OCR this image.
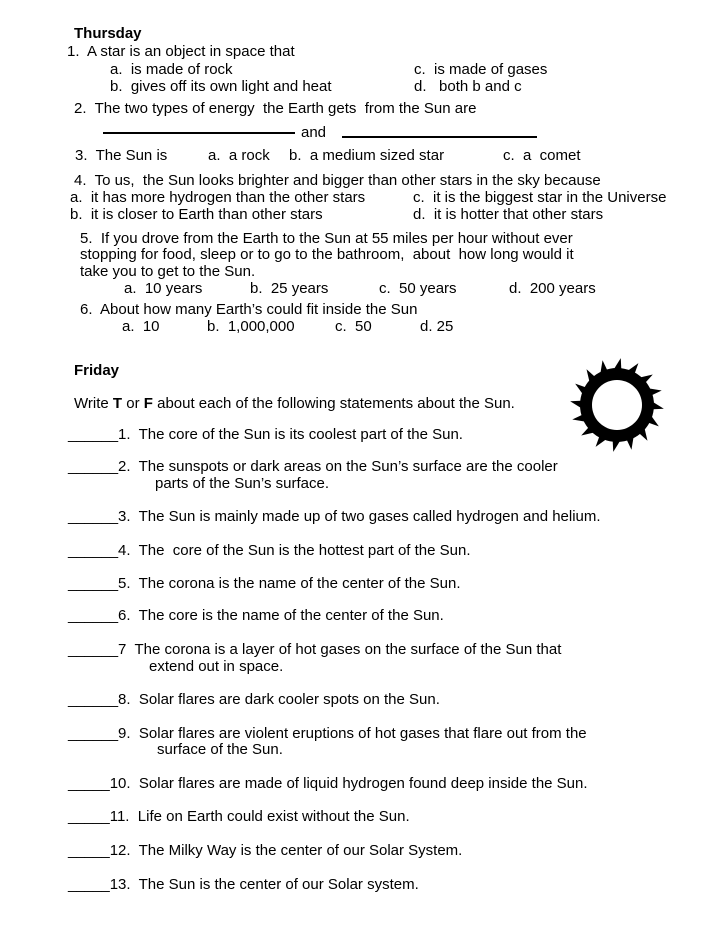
Thursday
1.  A star is an object in space that
a.  is made of rock	c.  is made of gases
b.  gives off its own light and heat	d.   both b and c
2.  The two types of energy  the Earth gets  from the Sun are
and
3.  The Sun is	a.  a rock b.  a medium sized star	c.  a  comet
4.  To us,  the Sun looks brighter and bigger than other stars in the sky because
a.  it has more hydrogen than the other stars	c.  it is the biggest star in the Universe
b.  it is closer to Earth than other stars	d.  it is hotter that other stars
5.  If you drove from the Earth to the Sun at 55 miles per hour without ever
stopping for food, sleep or to go to the bathroom,  about  how long would it
take you to get to the Sun.
a.  10 years	b.  25 years	c.  50 years	d.  200 years
6.  About how many Earth’s could fit inside the Sun
a.  10	b.  1,000,000	c.  50	d. 25
Friday
Write T or F about each of the following statements about the Sun.
______1.  The core of the Sun is its coolest part of the Sun.
______2.  The sunspots or dark areas on the Sun’s surface are the cooler
parts of the Sun’s surface.
______3.  The Sun is mainly made up of two gases called hydrogen and helium.
______4.  The  core of the Sun is the hottest part of the Sun.
______5.  The corona is the name of the center of the Sun.
______6.  The core is the name of the center of the Sun.
______7  The corona is a layer of hot gases on the surface of the Sun that
extend out in space.
______8.  Solar flares are dark cooler spots on the Sun.
______9.  Solar flares are violent eruptions of hot gases that flare out from the
surface of the Sun.
_____10.  Solar flares are made of liquid hydrogen found deep inside the Sun.
_____11.  Life on Earth could exist without the Sun.
_____12.  The Milky Way is the center of our Solar System.
_____13.  The Sun is the center of our Solar system.
